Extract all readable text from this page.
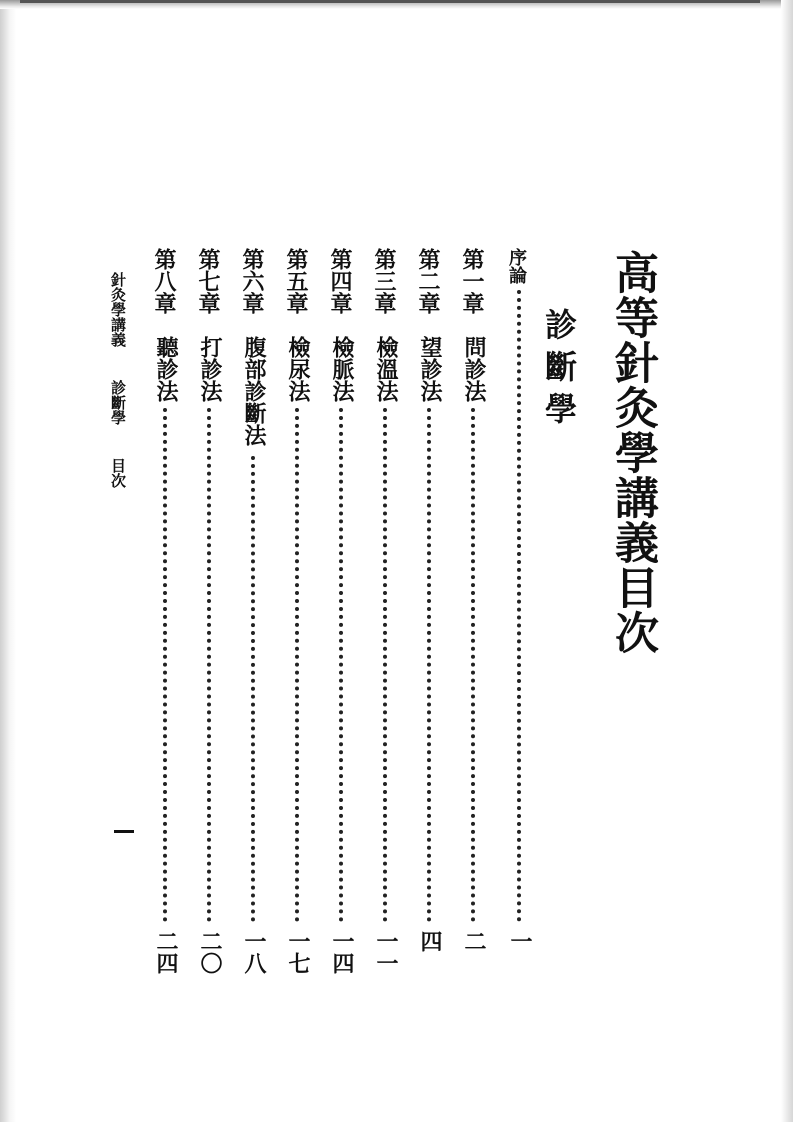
高等針灸學講義目次
診斷學
序論
一
第一章
問診法
二
第二章
望診法
四
第三章
檢溫法
一一
第四章
檢脈法
一四
第五章
檢尿法
一七
第六章
腹部診斷法
一八
第七章
打診法
二〇
第八章
聽診法
二四
針灸學講義 診斷學 目次
